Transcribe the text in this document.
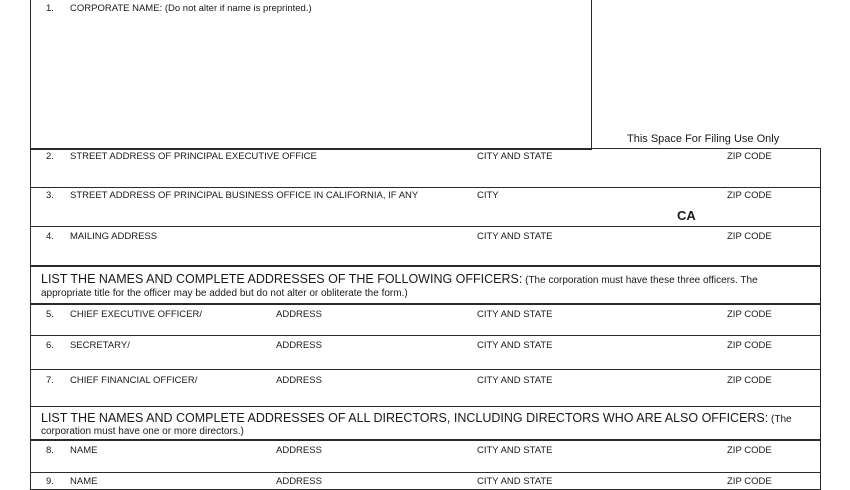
1. CORPORATE NAME: (Do not alter if name is preprinted.)
This Space For Filing Use Only
2. STREET ADDRESS OF PRINCIPAL EXECUTIVE OFFICE	CITY AND STATE	ZIP CODE
3. STREET ADDRESS OF PRINCIPAL BUSINESS OFFICE IN CALIFORNIA, IF ANY	CITY	ZIP CODE
CA
4. MAILING ADDRESS	CITY AND STATE	ZIP CODE
LIST THE NAMES AND COMPLETE ADDRESSES OF THE FOLLOWING OFFICERS: (The corporation must have these three officers. The
appropriate title for the officer may be added but do not alter or obliterate the form.)
5. CHIEF EXECUTIVE OFFICER/	ADDRESS	CITY AND STATE	ZIP CODE
6. SECRETARY/	ADDRESS	CITY AND STATE	ZIP CODE
7. CHIEF FINANCIAL OFFICER/	ADDRESS	CITY AND STATE	ZIP CODE
LIST THE NAMES AND COMPLETE ADDRESSES OF ALL DIRECTORS, INCLUDING DIRECTORS WHO ARE ALSO OFFICERS: (The
corporation must have one or more directors.)
8. NAME	ADDRESS	CITY AND STATE	ZIP CODE
9. NAME	ADDRESS	CITY AND STATE	ZIP CODE
